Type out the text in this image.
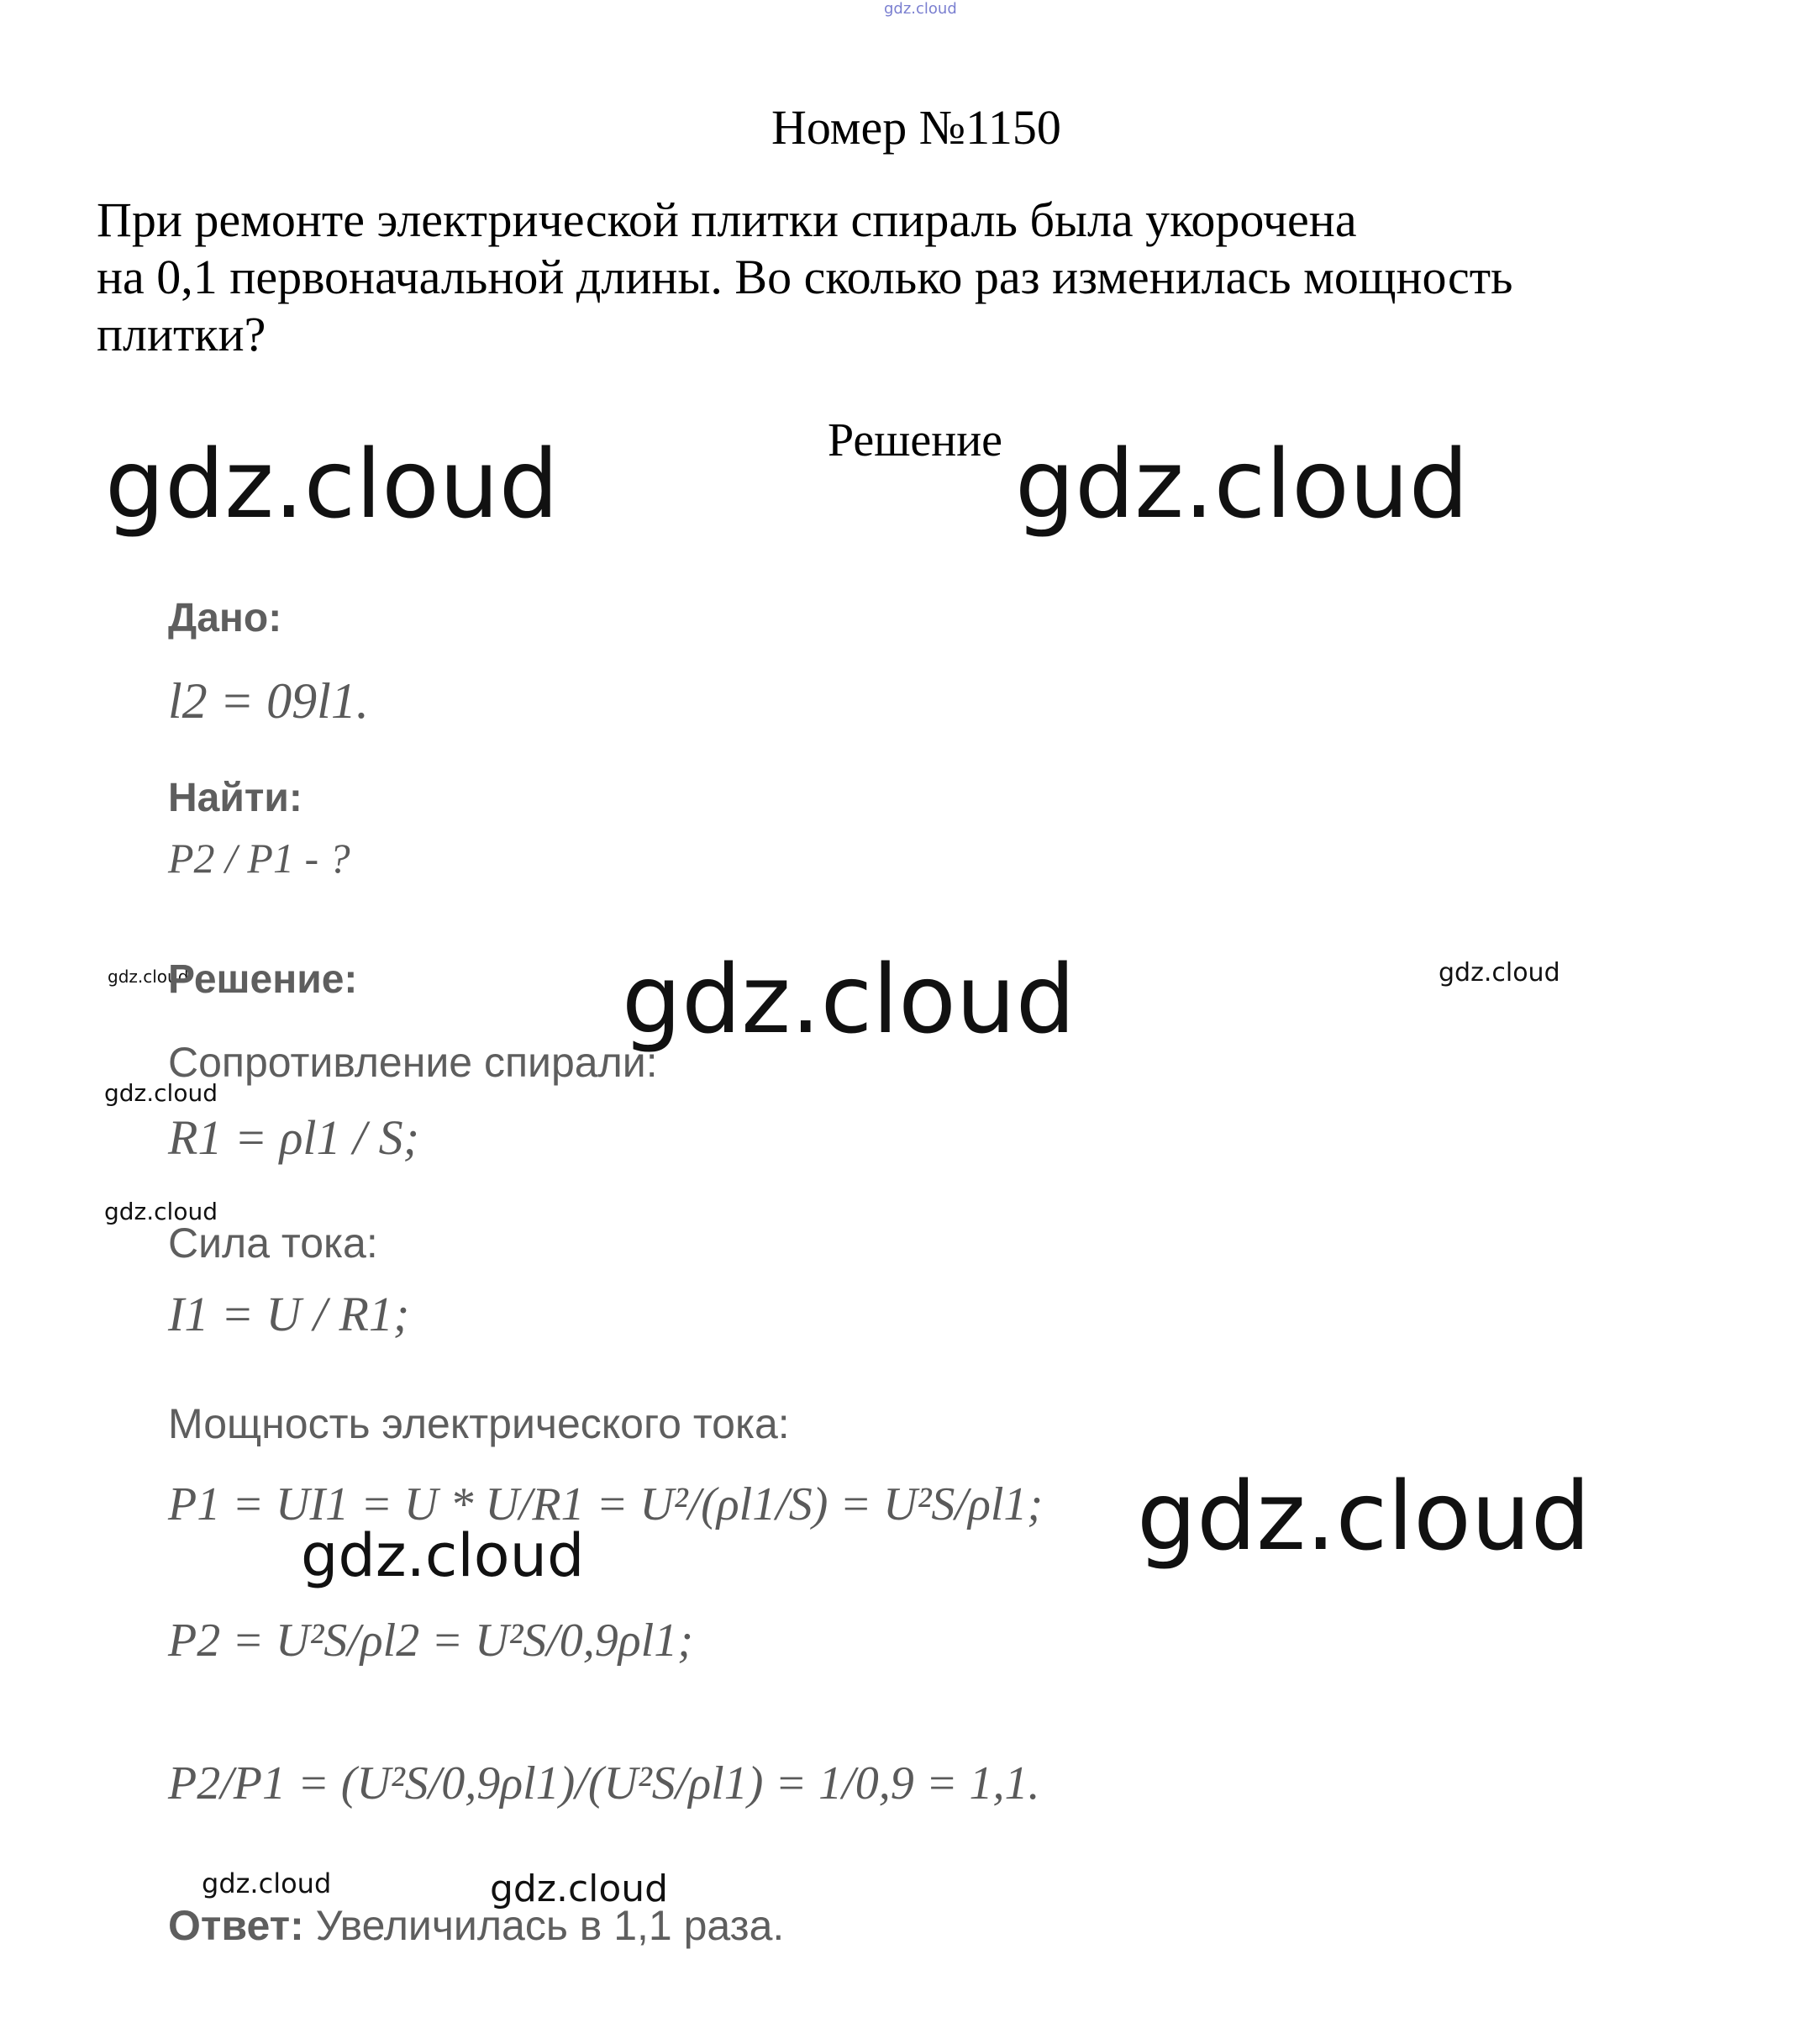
gdz.cloud
Номер №1150
При ремонте электрической плитки спираль была укорочена
на 0,1 первоначальной длины. Во сколько раз изменилась мощность
плитки?
Решение
gdz.cloud	gdz.cloud
gdz.cloud
gdz.cloud
gdz.cloud
gdz.cloud	gdz.cloud
gdz.cloud
gdz.cloud
gdz.cloud	gdz.cloud
Дано:
l2 = 09l1.
Найти:
P2 / P1 - ?
Решение:
Сопротивление спирали:
R1 = ρl1 / S;
Сила тока:
I1 = U / R1;
Мощность электрического тока:
P1 = UI1 = U * U/R1 = U²/(ρl1/S) = U²S/ρl1;
P2 = U²S/ρl2 = U²S/0,9ρl1;
P2/P1 = (U²S/0,9ρl1)/(U²S/ρl1) = 1/0,9 = 1,1.
Ответ: Увеличилась в 1,1 раза.
